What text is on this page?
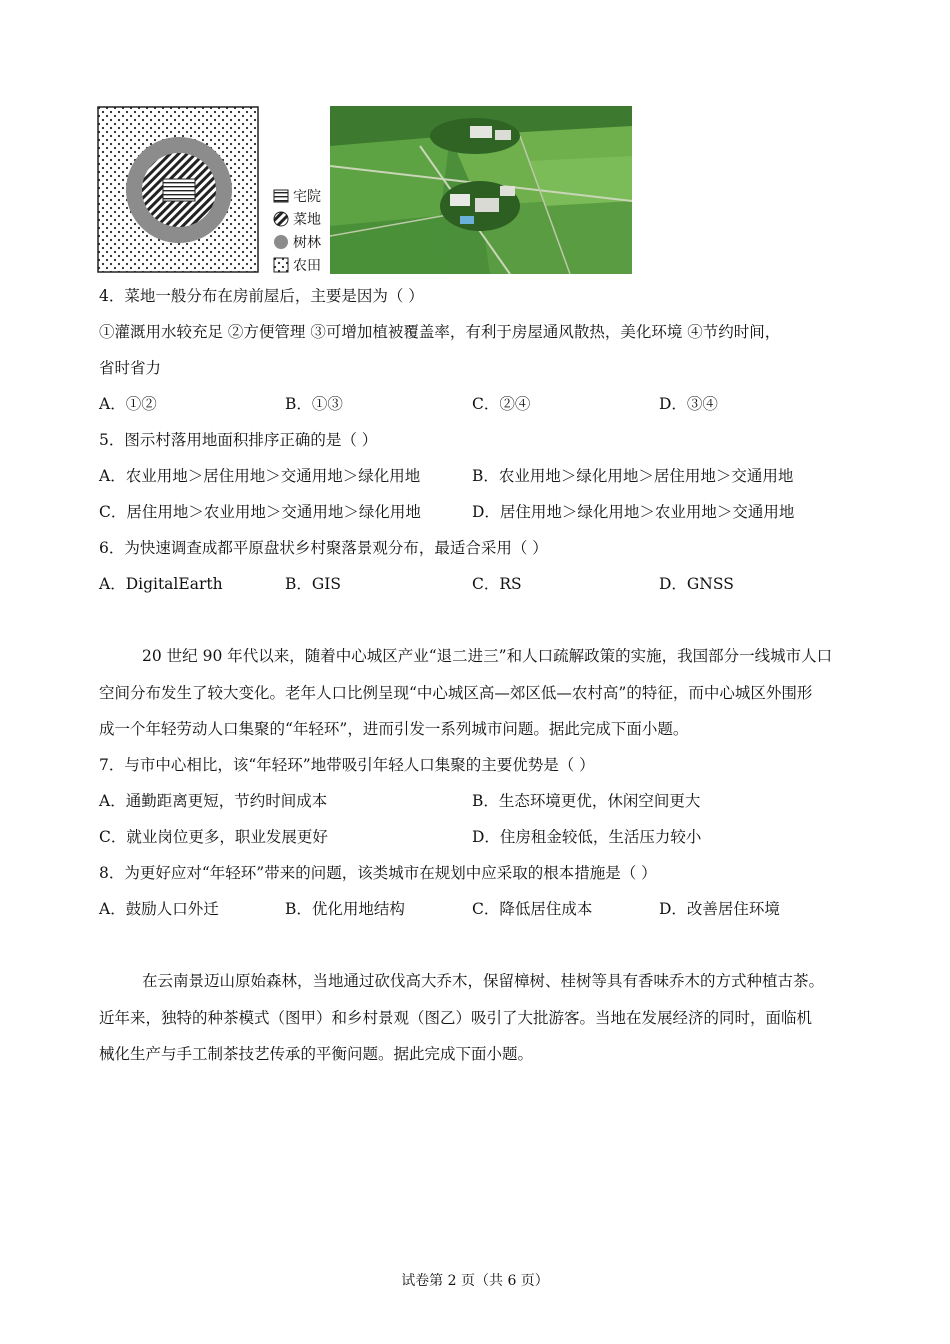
宅院
菜地
树林
农田
4．菜地一般分布在房前屋后，主要是因为（ ）
①灌溉用水较充足 ②方便管理 ③可增加植被覆盖率，有利于房屋通风散热，美化环境 ④节约时间，
省时省力
A．①②	B．①③	C．②④	D．③④
5．图示村落用地面积排序正确的是（ ）
A．农业用地＞居住用地＞交通用地＞绿化用地	B．农业用地＞绿化用地＞居住用地＞交通用地
C．居住用地＞农业用地＞交通用地＞绿化用地	D．居住用地＞绿化用地＞农业用地＞交通用地
6．为快速调查成都平原盘状乡村聚落景观分布，最适合采用（ ）
A．DigitalEarth	B．GIS	C．RS	D．GNSS
20 世纪 90 年代以来，随着中心城区产业“退二进三”和人口疏解政策的实施，我国部分一线城市人口
空间分布发生了较大变化。老年人口比例呈现“中心城区高—郊区低—农村高”的特征，而中心城区外围形
成一个年轻劳动人口集聚的“年轻环”，进而引发一系列城市问题。据此完成下面小题。
7．与市中心相比，该“年轻环”地带吸引年轻人口集聚的主要优势是（ ）
A．通勤距离更短，节约时间成本	B．生态环境更优，休闲空间更大
C．就业岗位更多，职业发展更好	D．住房租金较低，生活压力较小
8．为更好应对“年轻环”带来的问题，该类城市在规划中应采取的根本措施是（ ）
A．鼓励人口外迁	B．优化用地结构	C．降低居住成本	D．改善居住环境
在云南景迈山原始森林，当地通过砍伐高大乔木，保留樟树、桂树等具有香味乔木的方式种植古茶。
近年来，独特的种茶模式（图甲）和乡村景观（图乙）吸引了大批游客。当地在发展经济的同时，面临机
械化生产与手工制茶技艺传承的平衡问题。据此完成下面小题。
试卷第 2 页（共 6 页）
